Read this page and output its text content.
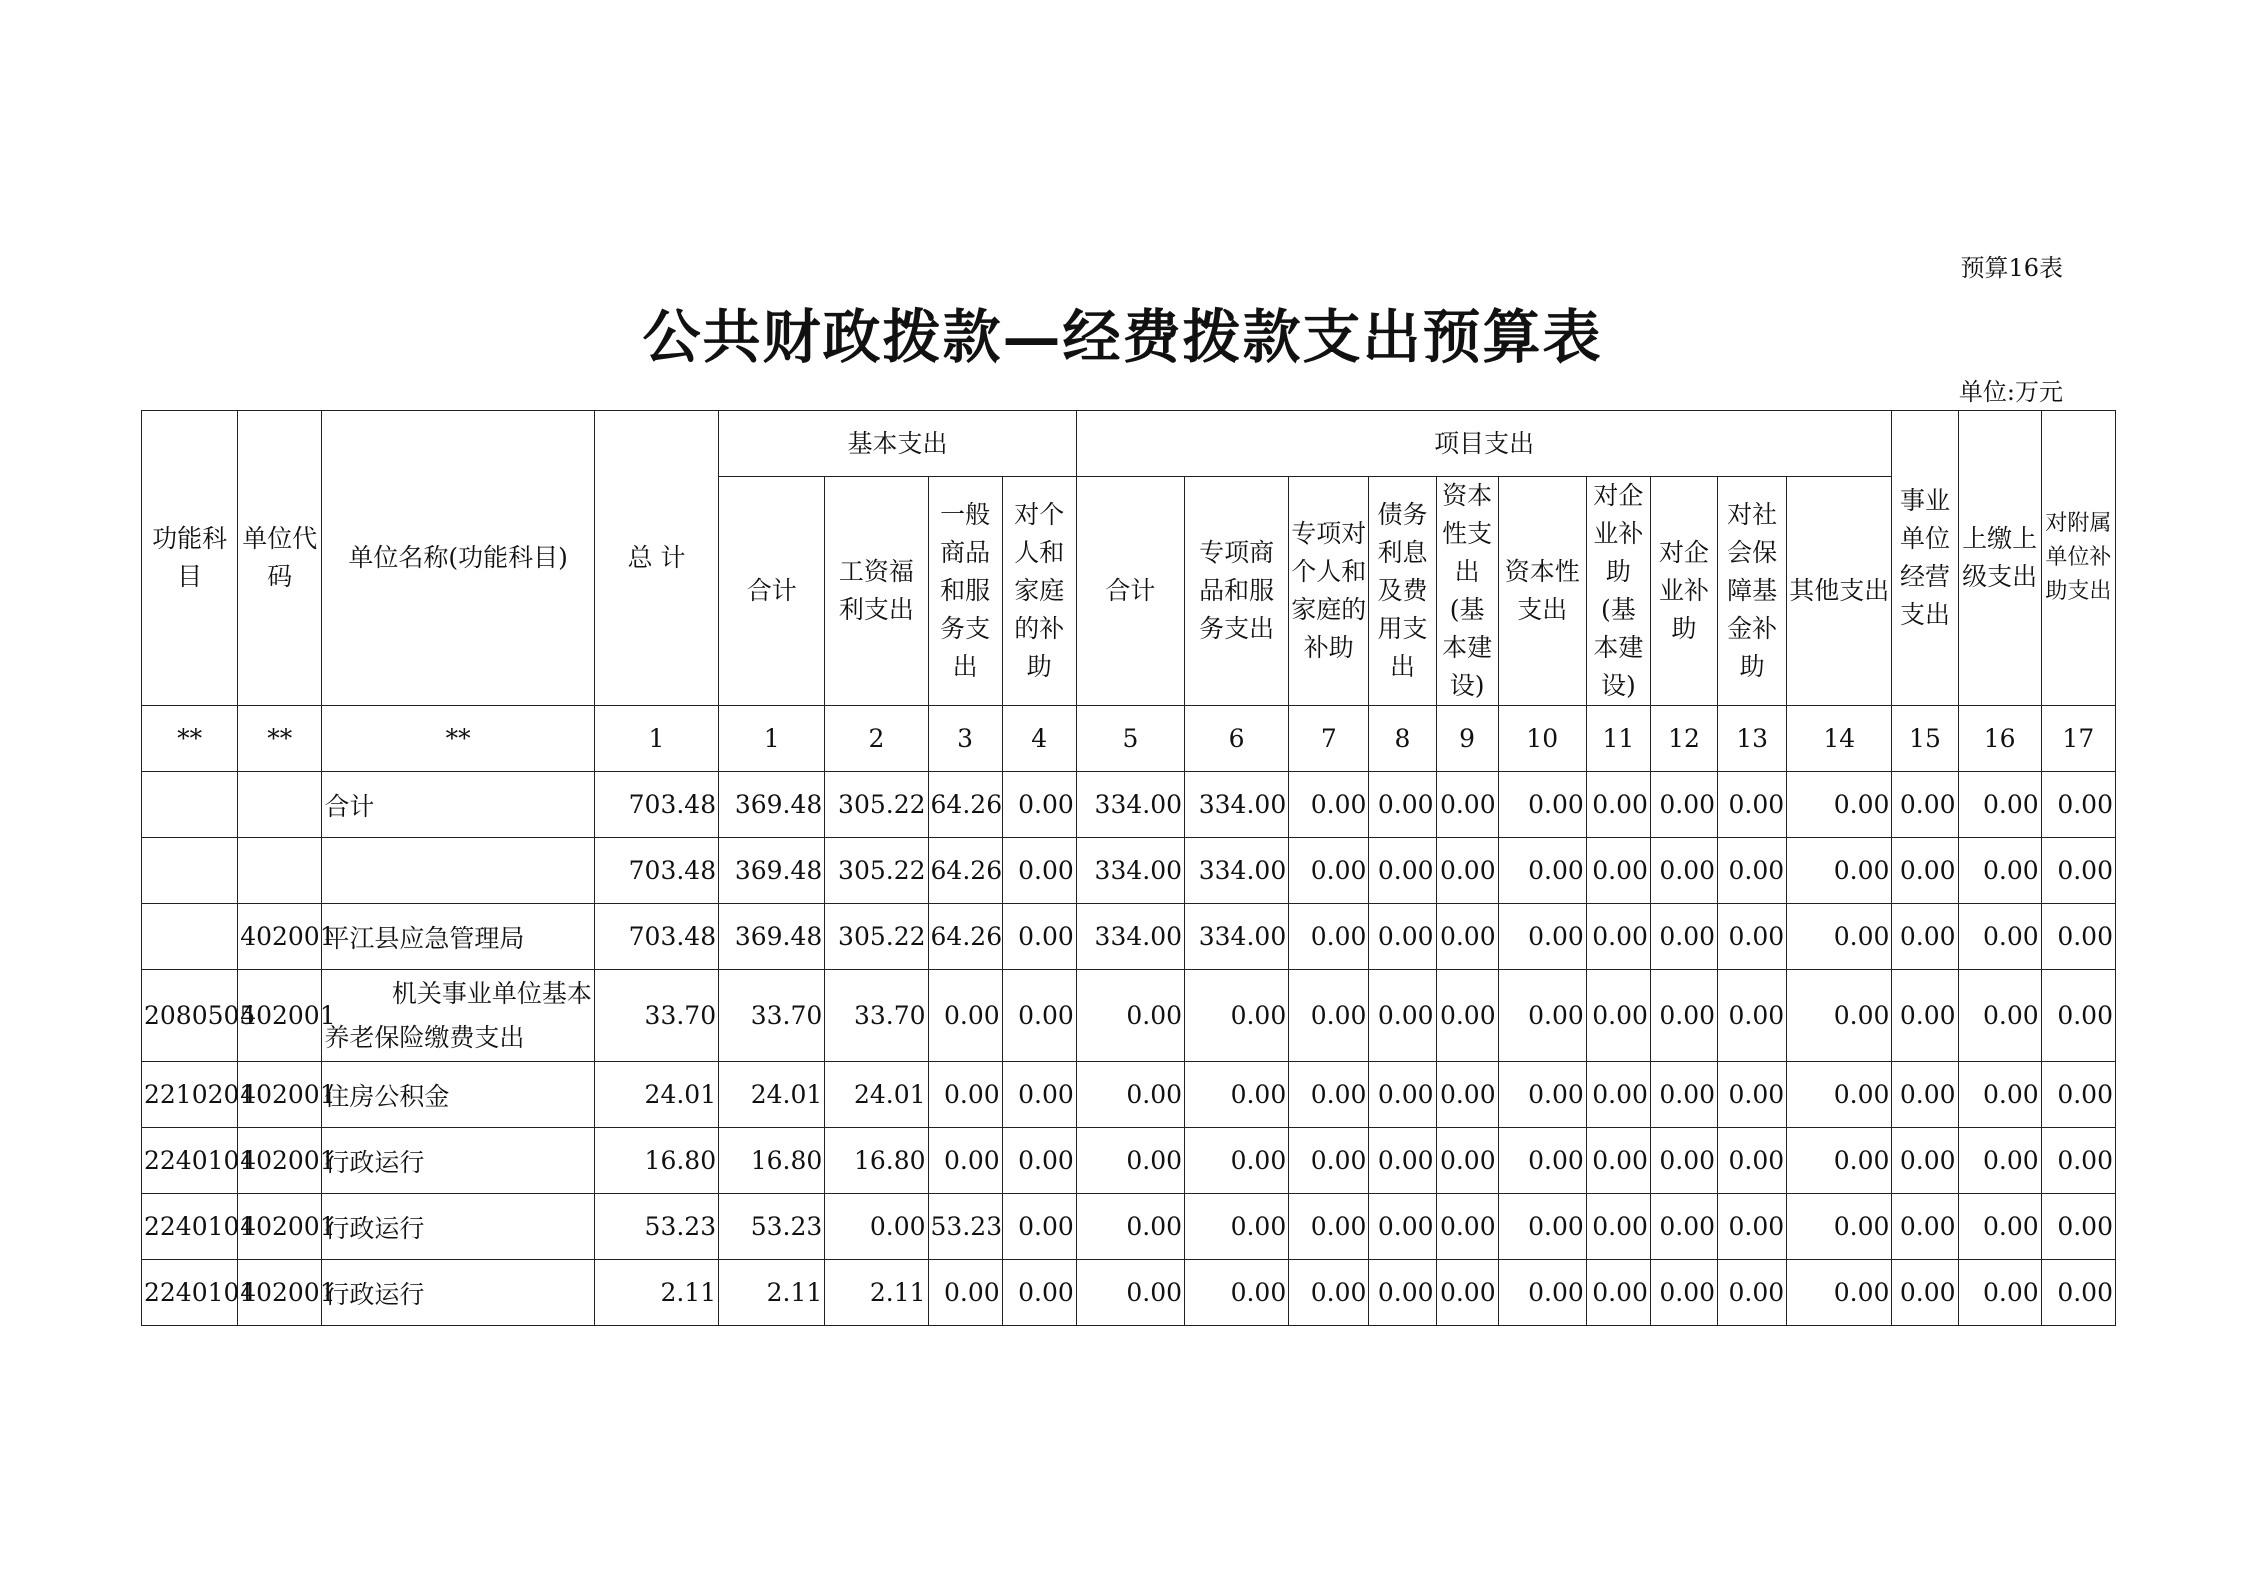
预算16表
公共财政拨款—经费拨款支出预算表
单位:万元
功能科目	单位代码	单位名称(功能科目)	总 计	基本支出				项目支出										事业单位经营支出	上缴上级支出	对附属单位补助支出
				合计	工资福利支出	一般商品和服务支出	对个人和家庭的补助	合计	专项商品和服务支出	专项对个人和家庭的补助	债务利息及费用支出	资本性支出(基本建设)	资本性支出	对企业补助(基本建设)	对企业补助	对社会保障基金补助	其他支出			
**	**	**	1	1	2	3	4	5	6	7	8	9	10	11	12	13	14	15	16	17
		合计	703.48	369.48	305.22	64.26	0.00	334.00	334.00	0.00	0.00	0.00	0.00	0.00	0.00	0.00	0.00	0.00	0.00	0.00
			703.48	369.48	305.22	64.26	0.00	334.00	334.00	0.00	0.00	0.00	0.00	0.00	0.00	0.00	0.00	0.00	0.00	0.00
	402001	平江县应急管理局	703.48	369.48	305.22	64.26	0.00	334.00	334.00	0.00	0.00	0.00	0.00	0.00	0.00	0.00	0.00	0.00	0.00	0.00
2080505	402001	机关事业单位基本
养老保险缴费支出	33.70	33.70	33.70	0.00	0.00	0.00	0.00	0.00	0.00	0.00	0.00	0.00	0.00	0.00	0.00	0.00	0.00	0.00
2210201	402001	住房公积金	24.01	24.01	24.01	0.00	0.00	0.00	0.00	0.00	0.00	0.00	0.00	0.00	0.00	0.00	0.00	0.00	0.00	0.00
2240101	402001	行政运行	16.80	16.80	16.80	0.00	0.00	0.00	0.00	0.00	0.00	0.00	0.00	0.00	0.00	0.00	0.00	0.00	0.00	0.00
2240101	402001	行政运行	53.23	53.23	0.00	53.23	0.00	0.00	0.00	0.00	0.00	0.00	0.00	0.00	0.00	0.00	0.00	0.00	0.00	0.00
2240101	402001	行政运行	2.11	2.11	2.11	0.00	0.00	0.00	0.00	0.00	0.00	0.00	0.00	0.00	0.00	0.00	0.00	0.00	0.00	0.00
